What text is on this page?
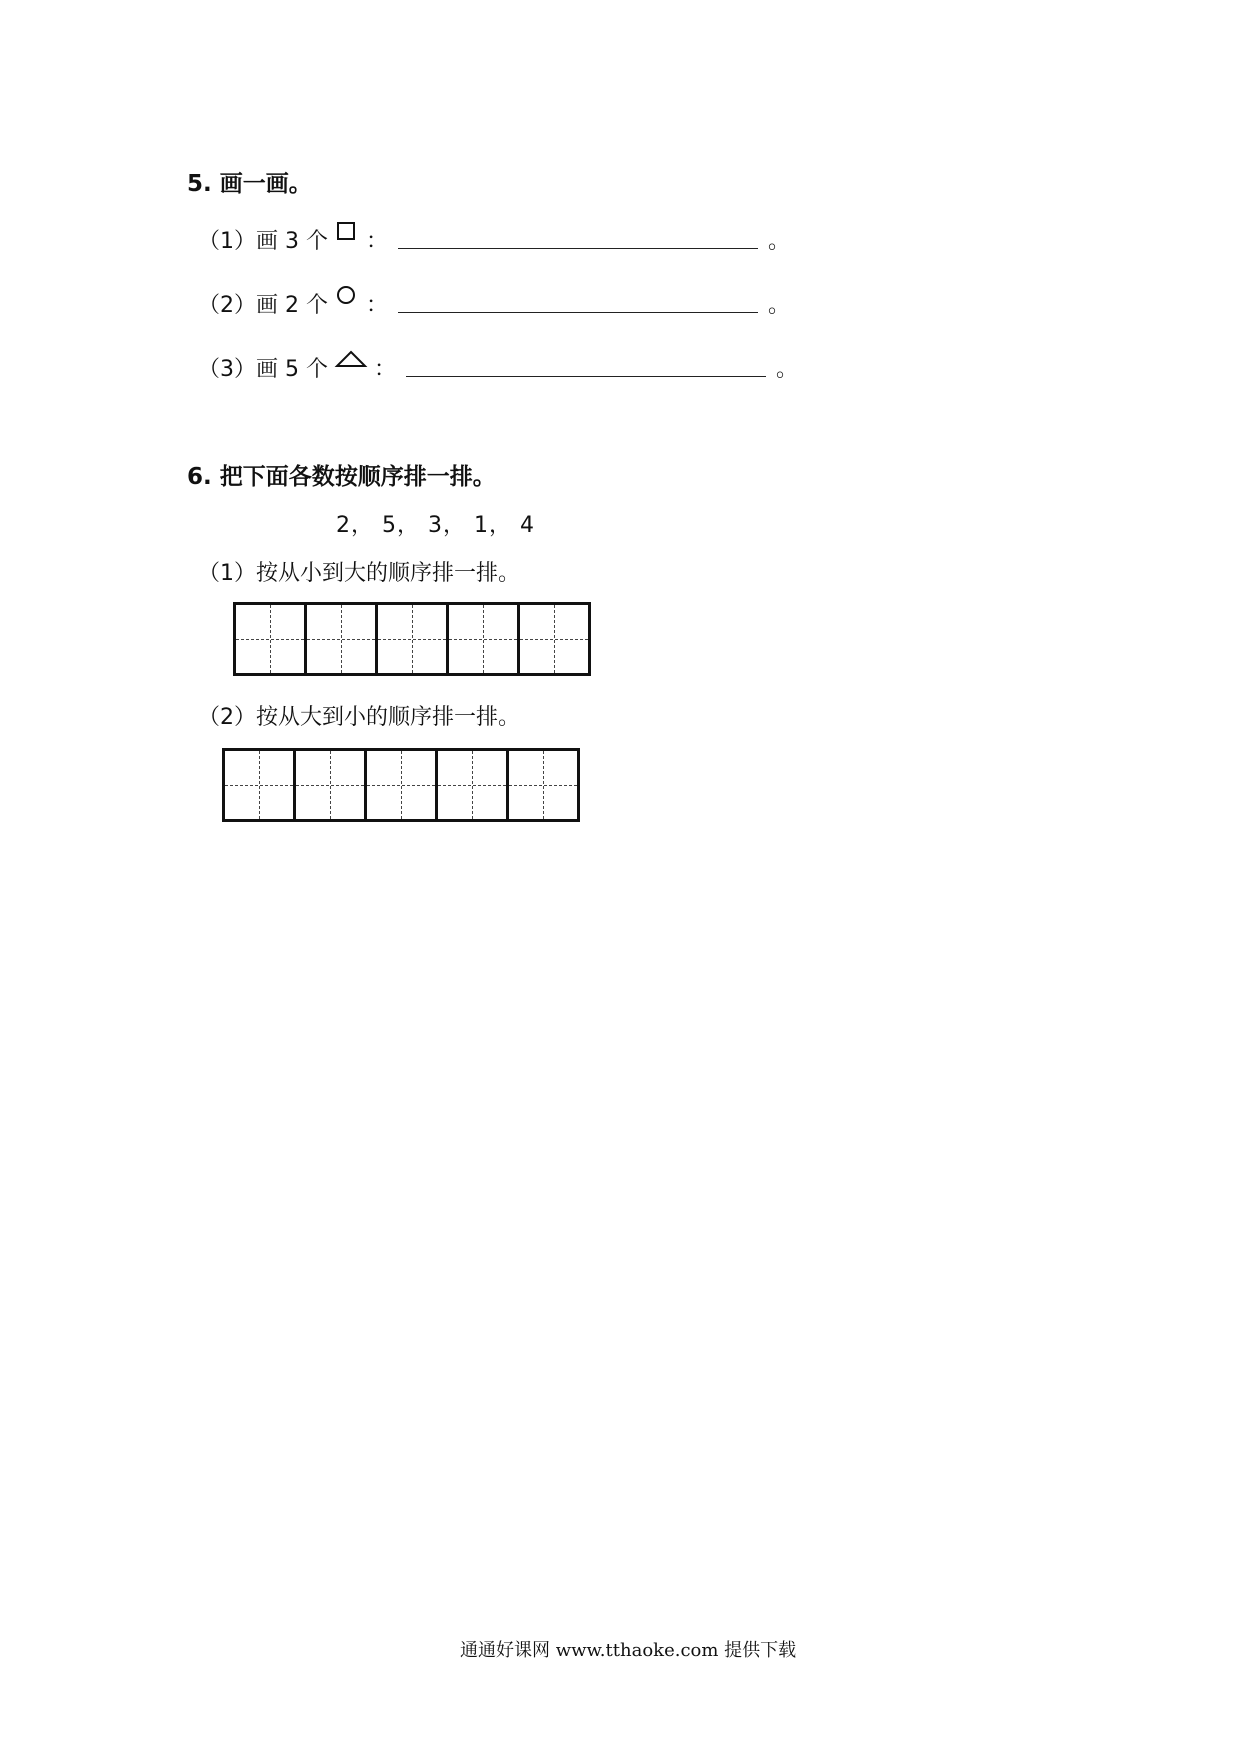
5. 画一画。
（1）画 3 个 ：	。
（2）画 2 个 ：	。
（3）画 5 个 ：	。
6. 把下面各数按顺序排一排。
2， 5， 3， 1， 4
（1）按从小到大的顺序排一排。
（2）按从大到小的顺序排一排。
通通好课网 www.tthaoke.com 提供下载
